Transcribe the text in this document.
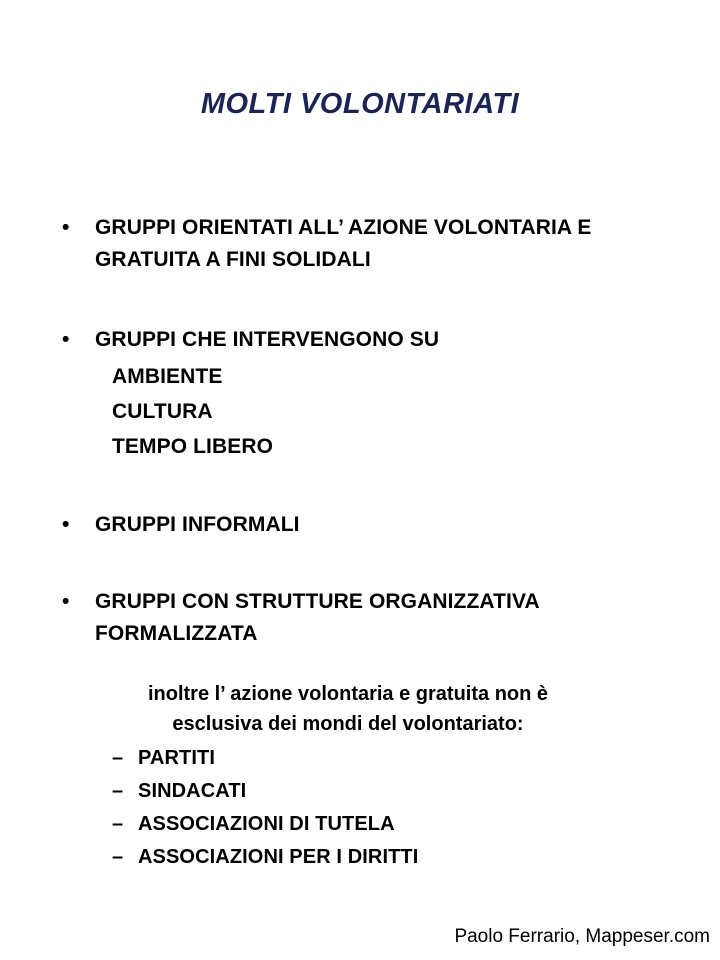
MOLTI VOLONTARIATI
• GRUPPI ORIENTATI ALL’ AZIONE VOLONTARIA E GRATUITA A FINI SOLIDALI
• GRUPPI CHE INTERVENGONO SU
AMBIENTE
CULTURA
TEMPO LIBERO
• GRUPPI INFORMALI
• GRUPPI CON STRUTTURE ORGANIZZATIVA FORMALIZZATA
inoltre l’ azione volontaria e gratuita non è
esclusiva dei mondi del volontariato:
– PARTITI
– SINDACATI
– ASSOCIAZIONI DI TUTELA
– ASSOCIAZIONI PER I DIRITTI
Paolo Ferrario, Mappeser.com
